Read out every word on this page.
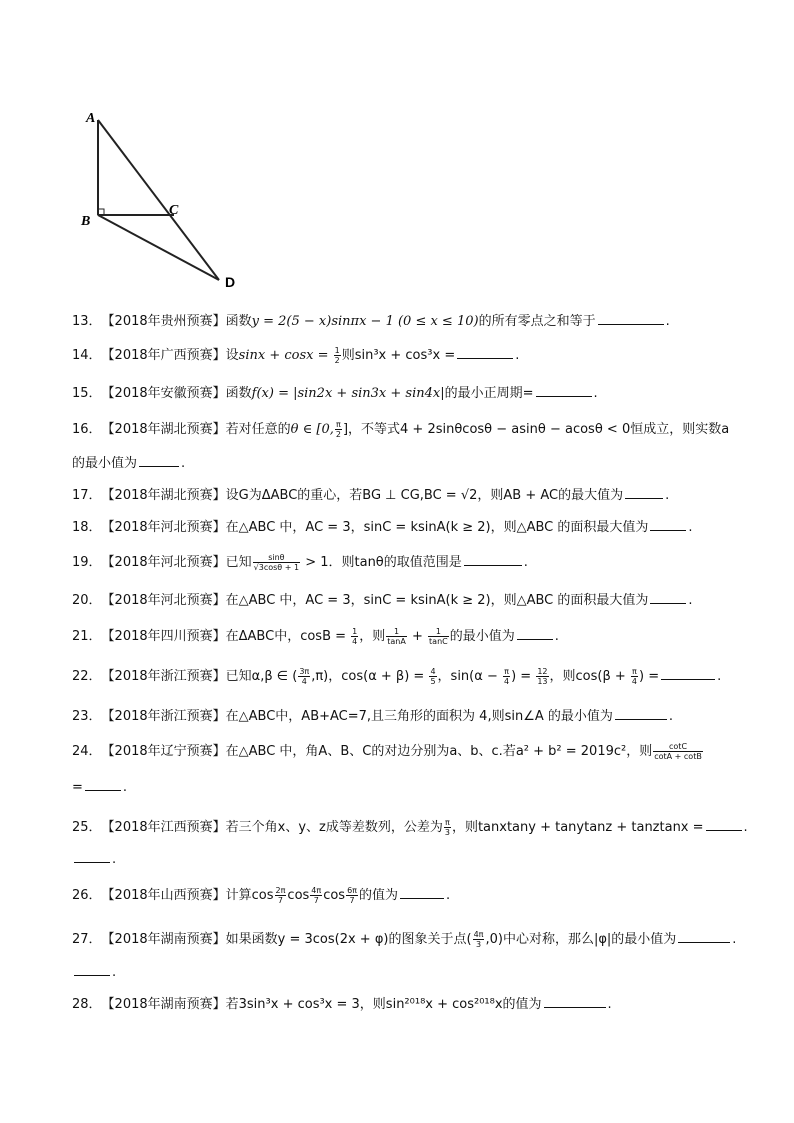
A
B
C
D
13．【2018年贵州预赛】函数y = 2(5 − x)sinπx − 1 (0 ≤ x ≤ 10)的所有零点之和等于	.
14．【2018年广西预赛】设$\sin x + \cos x = \frac{1}{2}$ 则sin³x + cos³x =	.
15．【2018年安徽预赛】函数f(x) = |sin2x + sin3x + sin4x|的最小正周期=	.
16．【2018年湖北预赛】若对任意的θ ∈ [0, $\frac{\pi}{2}$ ]，不等式4 + 2sinθcosθ − asinθ − acosθ < 0恒成立，则实数a
的最小值为	.
17．【2018年湖北预赛】设G为ΔABC的重心，若BG ⊥ CG,BC = √2，则AB + AC的最大值为	.
18．【2018年河北预赛】在△ABC 中，AC = 3，sinC = ksinA(k ≥ 2)，则△ABC 的面积最大值为	.
19．【2018年河北预赛】已知 $\frac{\sin\theta}{√3\cos\theta + 1} > 1$．则tanθ的取值范围是	.
20．【2018年河北预赛】在△ABC 中，AC = 3，sinC = ksinA(k ≥ 2)，则△ABC 的面积最大值为	.
21．【2018年四川预赛】在ΔABC中，$\cos B = \frac{1}{4}$ ，则 $\frac{1}{\tan A} + \frac{1}{\tan C}$ 的最小值为	.
22．【2018年浙江预赛】已知α,β ∈ ( $\frac{3\pi}{4} ,\pi$)，$\cos(\alpha + \beta) = \frac{4}{5}$ ，$\sin(\alpha - \frac{\pi}{4}$ ) = $\frac{12}{13}$ ，则$\cos(\beta + \frac{\pi}{4}$ ) =	.
23．【2018年浙江预赛】在△ABC中，AB+AC=7,且三角形的面积为 4,则sin∠A 的最小值为	.
24．【2018年辽宁预赛】在△ABC 中，角A、B、C的对边分别为a、b、c.若a² + b² = 2019c²，则 $\frac{\cot C}{\cot A + \cot B}$
=	.
25．【2018年江西预赛】若三个角x、y、z成等差数列，公差为 $\frac{\pi}{3}$ ，则tanxtany + tanytanz + tanztanx =	.
.
26．【2018年山西预赛】计算$\cos \frac{2\pi}{7}$ $\cos \frac{4\pi}{7}$ $\cos \frac{6\pi}{7}$ 的值为	.
27．【2018年湖南预赛】如果函数y = 3cos(2x + φ)的图象关于点( $\frac{4\pi}{3} ,0$)中心对称，那么|φ|的最小值为	.
.
28．【2018年湖南预赛】若3sin³x + cos³x = 3，则sin²⁰¹⁸x + cos²⁰¹⁸x的值为	.
